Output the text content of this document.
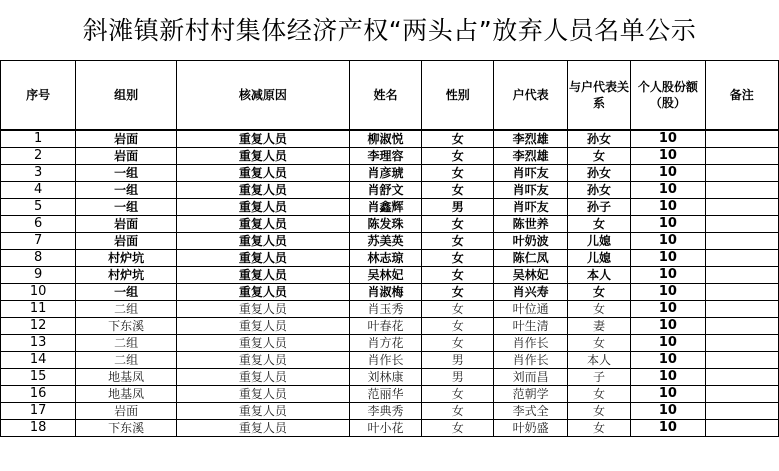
斜滩镇新村村集体经济产权“两头占”放弃人员名单公示
序号	组别	核减原因	姓名	性别	户代表	与户代表关系	个人股份额（股）	备注
1	岩面	重复人员	柳淑悦	女	李烈雄	孙女	10	
2	岩面	重复人员	李理容	女	李烈雄	女	10	
3	一组	重复人员	肖彦琥	女	肖吓友	孙女	10	
4	一组	重复人员	肖舒文	女	肖吓友	孙女	10	
5	一组	重复人员	肖鑫辉	男	肖吓友	孙子	10	
6	岩面	重复人员	陈发珠	女	陈世养	女	10	
7	岩面	重复人员	苏美英	女	叶奶波	儿媳	10	
8	村炉坑	重复人员	林志琼	女	陈仁凤	儿媳	10	
9	村炉坑	重复人员	吴林妃	女	吴林妃	本人	10	
10	一组	重复人员	肖淑梅	女	肖兴寿	女	10	
11	二组	重复人员	肖玉秀	女	叶位通	女	10	
12	下东溪	重复人员	叶春花	女	叶生清	妻	10	
13	二组	重复人员	肖方花	女	肖作长	女	10	
14	二组	重复人员	肖作长	男	肖作长	本人	10	
15	地基凤	重复人员	刘林康	男	刘而昌	子	10	
16	地基凤	重复人员	范丽华	女	范朝学	女	10	
17	岩面	重复人员	李典秀	女	李式全	女	10	
18	下东溪	重复人员	叶小花	女	叶奶盛	女	10	
